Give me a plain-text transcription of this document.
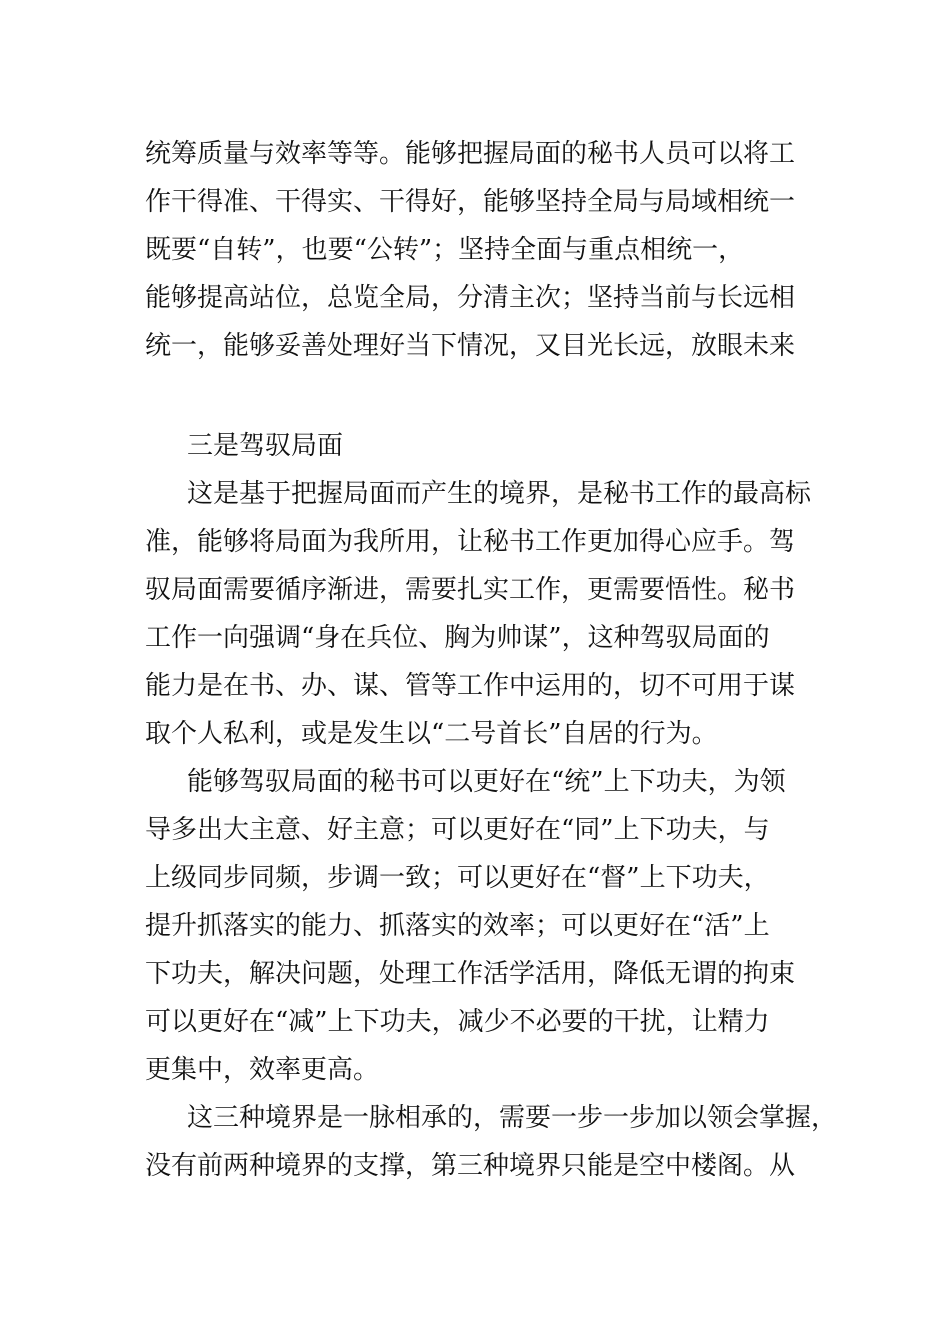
统筹质量与效率等等。能够把握局面的秘书人员可以将工
作干得准、干得实、干得好，能够坚持全局与局域相统一
既要“自转”，也要“公转”；坚持全面与重点相统一，
能够提高站位，总览全局，分清主次；坚持当前与长远相
统一，能够妥善处理好当下情况，又目光长远，放眼未来
三是驾驭局面
这是基于把握局面而产生的境界，是秘书工作的最高标
准，能够将局面为我所用，让秘书工作更加得心应手。驾
驭局面需要循序渐进，需要扎实工作，更需要悟性。秘书
工作一向强调“身在兵位、胸为帅谋”，这种驾驭局面的
能力是在书、办、谋、管等工作中运用的，切不可用于谋
取个人私利，或是发生以“二号首长”自居的行为。
能够驾驭局面的秘书可以更好在“统”上下功夫，为领
导多出大主意、好主意；可以更好在“同”上下功夫，与
上级同步同频，步调一致；可以更好在“督”上下功夫，
提升抓落实的能力、抓落实的效率；可以更好在“活”上
下功夫，解决问题，处理工作活学活用，降低无谓的拘束
可以更好在“减”上下功夫，减少不必要的干扰，让精力
更集中，效率更高。
这三种境界是一脉相承的，需要一步一步加以领会掌握，
没有前两种境界的支撑，第三种境界只能是空中楼阁。从
